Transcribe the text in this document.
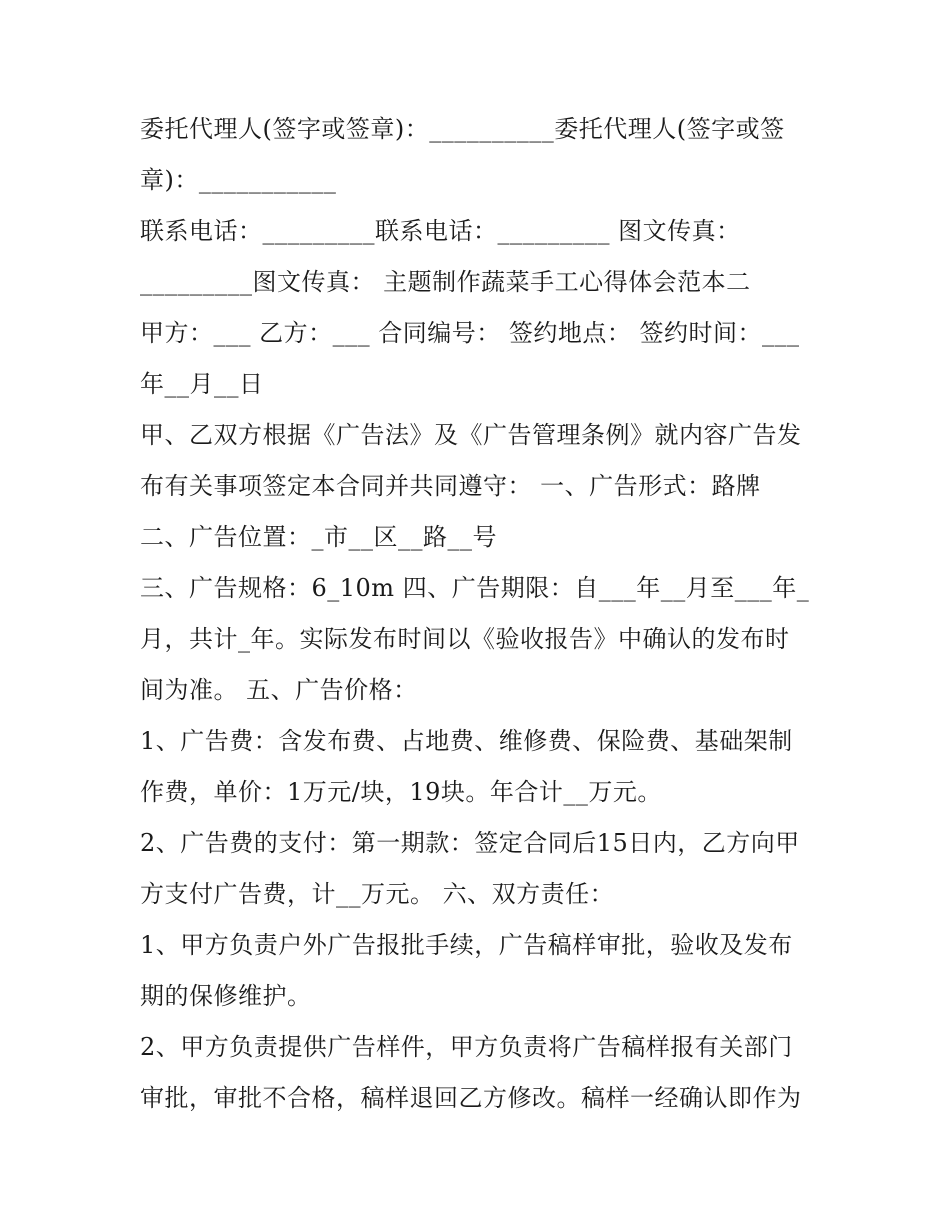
委托代理人(签字或签章)：__________委托代理人(签字或签
章)：___________
联系电话：_________联系电话：_________ 图文传真：
_________图文传真： 主题制作蔬菜手工心得体会范本二
甲方：___ 乙方：___ 合同编号： 签约地点： 签约时间：___
年__月__日
甲、乙双方根据《广告法》及《广告管理条例》就内容广告发
布有关事项签定本合同并共同遵守： 一、广告形式：路牌
二、广告位置：_市__区__路__号
三、广告规格：6_10m 四、广告期限：自___年__月至___年_
月，共计_年。实际发布时间以《验收报告》中确认的发布时
间为准。 五、广告价格：
1、广告费：含发布费、占地费、维修费、保险费、基础架制
作费，单价：1万元/块，19块。年合计__万元。
2、广告费的支付：第一期款：签定合同后15日内，乙方向甲
方支付广告费，计__万元。 六、双方责任：
1、甲方负责户外广告报批手续，广告稿样审批，验收及发布
期的保修维护。
2、甲方负责提供广告样件，甲方负责将广告稿样报有关部门
审批，审批不合格，稿样退回乙方修改。稿样一经确认即作为
